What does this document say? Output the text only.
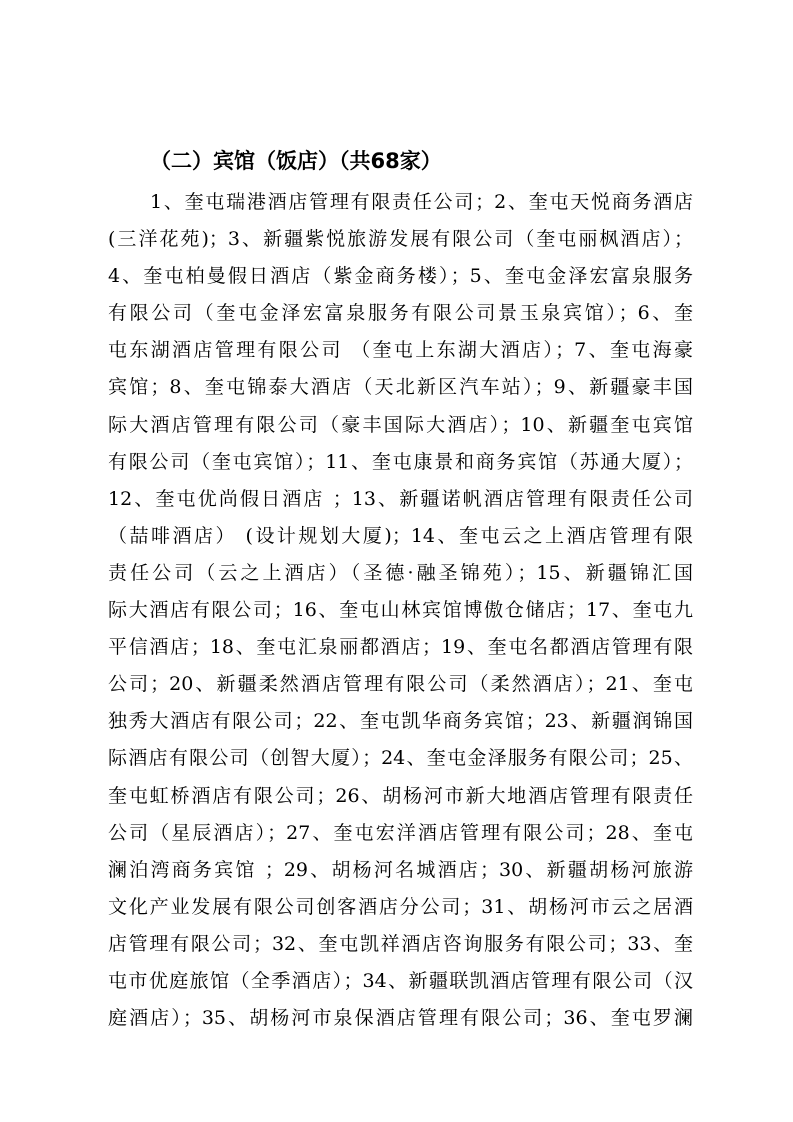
（二）宾馆（饭店）（共68家）
1、奎屯瑞港酒店管理有限责任公司；2、奎屯天悦商务酒店
(三洋花苑)；3、新疆紫悦旅游发展有限公司（奎屯丽枫酒店）；
4、奎屯柏曼假日酒店（紫金商务楼）；5、奎屯金泽宏富泉服务
有限公司（奎屯金泽宏富泉服务有限公司景玉泉宾馆）；6、奎
屯东湖酒店管理有限公司 （奎屯上东湖大酒店）；7、奎屯海豪
宾馆；8、奎屯锦泰大酒店（天北新区汽车站）；9、新疆豪丰国
际大酒店管理有限公司（豪丰国际大酒店）；10、新疆奎屯宾馆
有限公司（奎屯宾馆）；11、奎屯康景和商务宾馆（苏通大厦）；
12、奎屯优尚假日酒店 ；13、新疆诺帆酒店管理有限责任公司
（喆啡酒店） (设计规划大厦)；14、奎屯云之上酒店管理有限
责任公司（云之上酒店）（圣德·融圣锦苑）；15、新疆锦汇国
际大酒店有限公司；16、奎屯山林宾馆博傲仓储店；17、奎屯九
平信酒店；18、奎屯汇泉丽都酒店；19、奎屯名都酒店管理有限
公司；20、新疆柔然酒店管理有限公司（柔然酒店）；21、奎屯
独秀大酒店有限公司；22、奎屯凯华商务宾馆；23、新疆润锦国
际酒店有限公司（创智大厦）；24、奎屯金泽服务有限公司；25、
奎屯虹桥酒店有限公司；26、胡杨河市新大地酒店管理有限责任
公司（星辰酒店）；27、奎屯宏洋酒店管理有限公司；28、奎屯
澜泊湾商务宾馆 ；29、胡杨河名城酒店；30、新疆胡杨河旅游
文化产业发展有限公司创客酒店分公司；31、胡杨河市云之居酒
店管理有限公司；32、奎屯凯祥酒店咨询服务有限公司；33、奎
屯市优庭旅馆（全季酒店）；34、新疆联凯酒店管理有限公司（汉
庭酒店）；35、胡杨河市泉保酒店管理有限公司；36、奎屯罗澜
